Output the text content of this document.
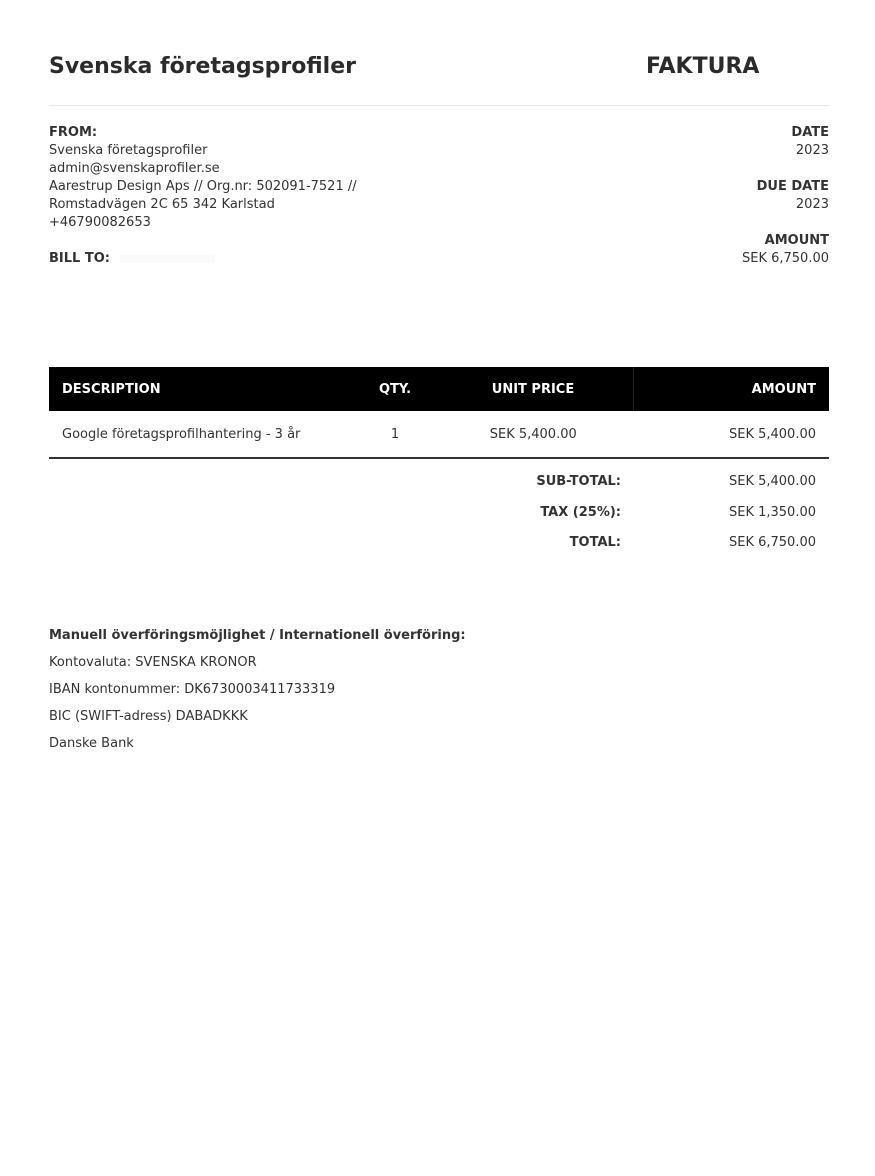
Svenska företagsprofiler	FAKTURA
FROM:
Svenska företagsprofiler
admin@svenskaprofiler.se
Aarestrup Design Aps // Org.nr: 502091-7521 //
Romstadvägen 2C 65 342 Karlstad
+46790082653
BILL TO:
DATE
2023
DUE DATE
2023
AMOUNT
SEK 6,750.00
DESCRIPTION	QTY.	UNIT PRICE	AMOUNT
Google företagsprofilhantering - 3 år	1	SEK 5,400.00	SEK 5,400.00
SUB-TOTAL:	SEK 5,400.00
TAX (25%):	SEK 1,350.00
TOTAL:	SEK 6,750.00
Manuell överföringsmöjlighet / Internationell överföring:
Kontovaluta: SVENSKA KRONOR
IBAN kontonummer: DK6730003411733319
BIC (SWIFT-adress) DABADKKK
Danske Bank
